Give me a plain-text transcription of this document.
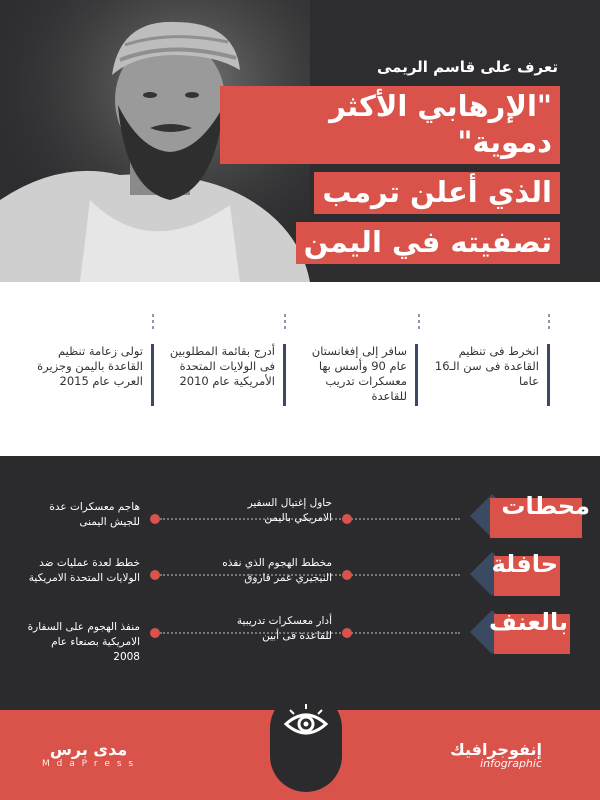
تعرف على قاسم الريمى
"الإرهابي الأكثر دموية"
الذي أعلن ترمب
تصفيته في اليمن
انخرط فى تنظيم القاعدة فى سن الـ16 عاما
سافر إلى إفغانستان عام 90 وأسس بها معسكرات تدريب للقاعدة
أدرج بقائمة المطلوبين فى الولايات المتحدة الأمريكية عام 2010
تولى زعامة تنظيم القاعدة باليمن وجزيرة العرب عام 2015
محطات
حافلة
بالعنف
حاول إغتيال السفير الامريكي باليمن
مخطط الهجوم الذي نفذه النيجيري عمر فاروق
أدار معسكرات تدريبية للقاعدة فى أبين
هاجم معسكرات عدة للجيش اليمنى
خطط لعدة عمليات ضد الولايات المتحدة الامريكية
منفذ الهجوم على السفارة الامريكية بصنعاء عام 2008
مدى برس
M d a P r e s s
إنفوجرافيك
infographic
